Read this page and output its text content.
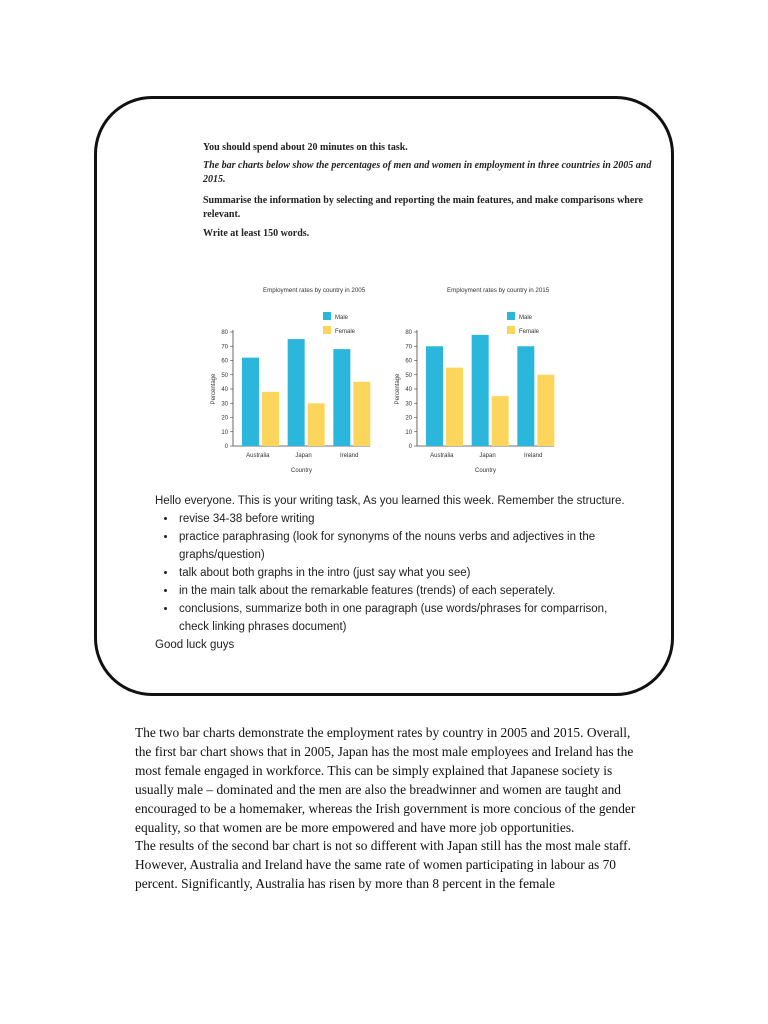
You should spend about 20 minutes on this task.

The bar charts below show the percentages of men and women in employment in three countries in 2005 and 2015.

Summarise the information by selecting and reporting the main features, and make comparisons where relevant.

Write at least 150 words.

Employment rates by country in 2005
Male
Female
0
10
20
30
40
50
60
70
80
Percentage
Australia	Japan	Ireland
Country
Employment rates by country in 2015
Male
Female
0
10
20
30
40
50
60
70
80
Percentage
Australia	Japan	Ireland
Country

Hello everyone. This is your writing task, As you learned this week. Remember the structure.

• revise 34-38 before writing
• practice paraphrasing (look for synonyms of the nouns verbs and adjectives in the graphs/question)
• talk about both graphs in the intro (just say what you see)
• in the main talk about the remarkable features (trends) of each seperately.
• conclusions, summarize both in one paragraph (use words/phrases for comparrison, check linking phrases document)

Good luck guys

The two bar charts demonstrate the employment rates by country in 2005 and 2015. Overall, the first bar chart shows that in 2005, Japan has the most male employees and Ireland has the most female engaged in workforce. This can be simply explained that Japanese society is usually male – dominated and the men are also the breadwinner and women are taught and encouraged to be a homemaker, whereas the Irish government is more concious of the gender equality, so that women are be more empowered and have more job opportunities.

The results of the second bar chart is not so different with Japan still has the most male staff. However, Australia and Ireland have the same rate of women participating in labour as 70 percent. Significantly, Australia has risen by more than 8 percent in the female
